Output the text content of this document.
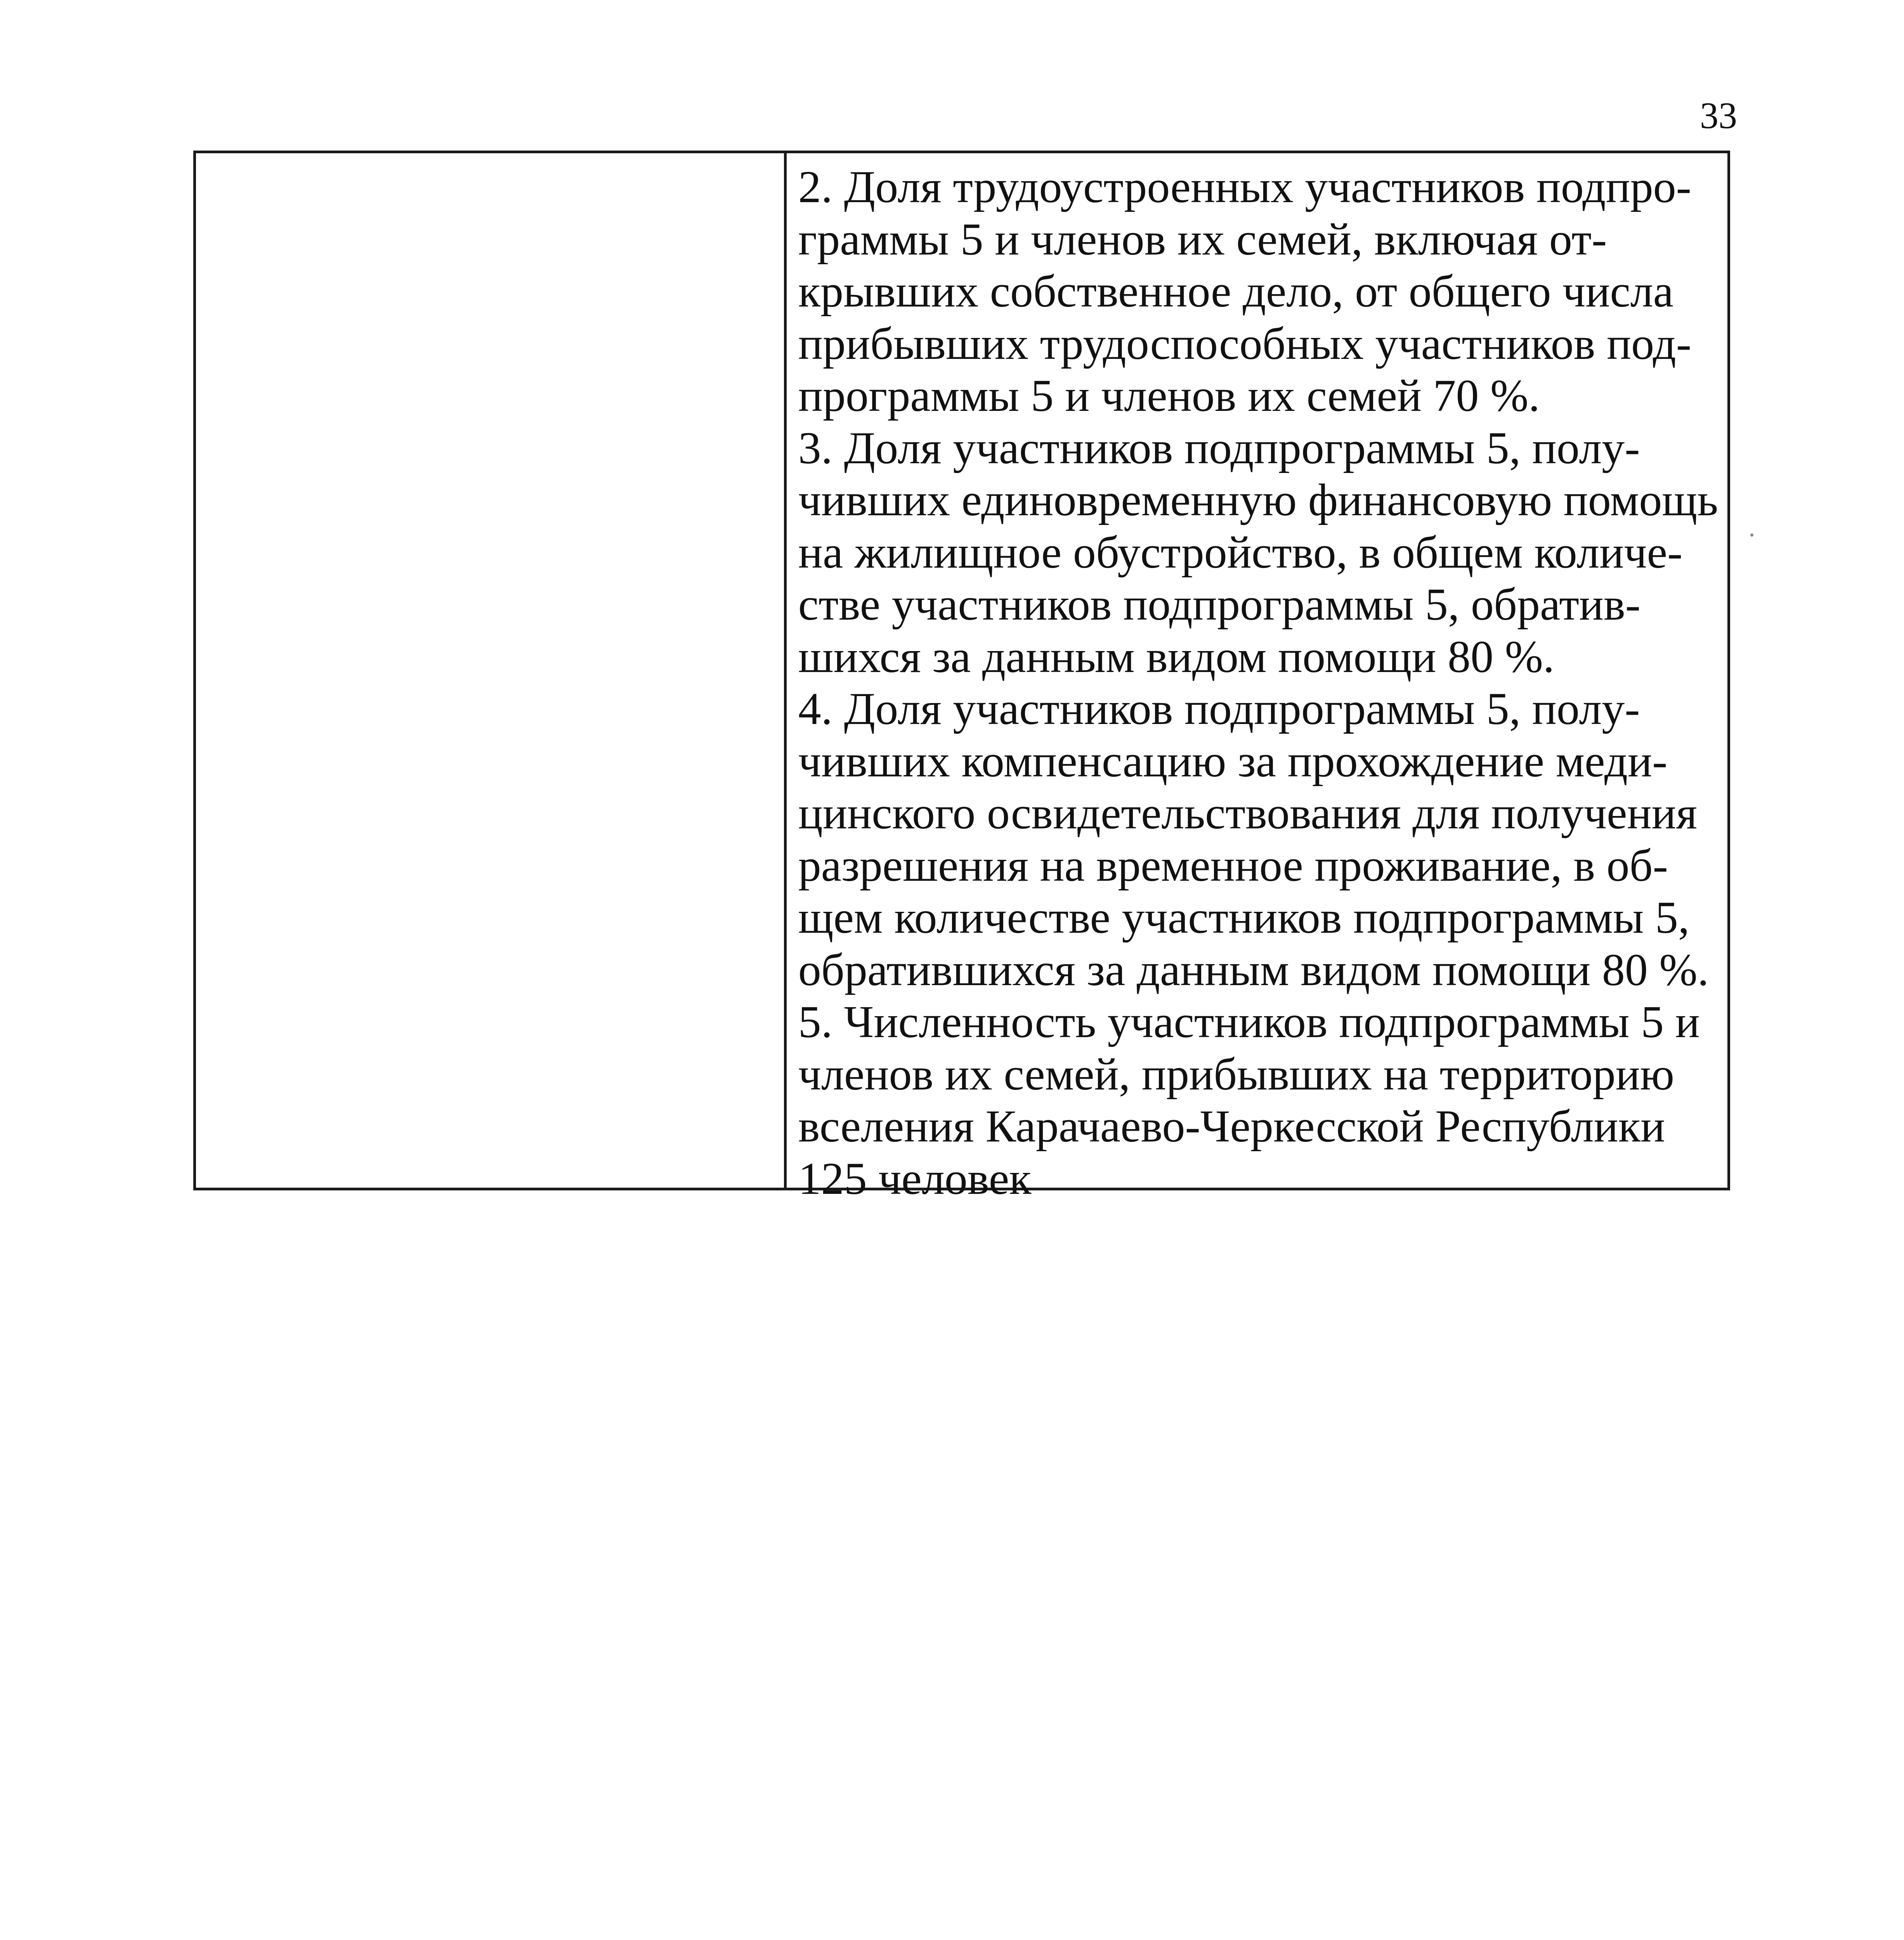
33
2. Доля трудоустроенных участников подпро-
граммы 5 и членов их семей, включая от-
крывших собственное дело, от общего числа
прибывших трудоспособных участников под-
программы 5 и членов их семей 70 %.
3. Доля участников подпрограммы 5, полу-
чивших единовременную финансовую помощь
на жилищное обустройство, в общем количе-
стве участников подпрограммы 5, обратив-
шихся за данным видом помощи 80 %.
4. Доля участников подпрограммы 5, полу-
чивших компенсацию за прохождение меди-
цинского освидетельствования для получения
разрешения на временное проживание, в об-
щем количестве участников подпрограммы 5,
обратившихся за данным видом помощи 80 %.
5. Численность участников подпрограммы 5 и
членов их семей, прибывших на территорию
вселения Карачаево-Черкесской Республики
125 человек
